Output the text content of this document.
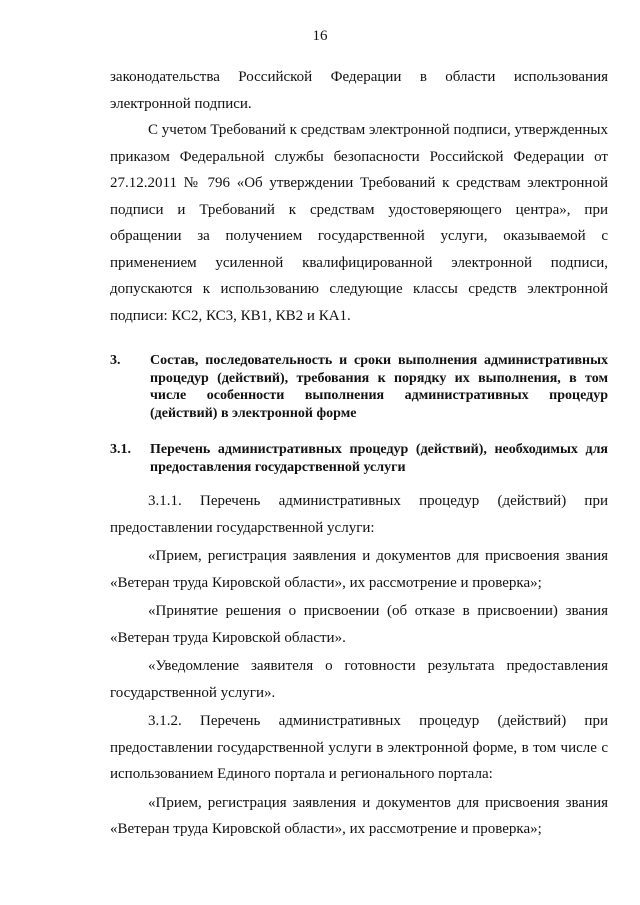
16

законодательства Российской Федерации в области использования электронной подписи.

С учетом Требований к средствам электронной подписи, утвержденных приказом Федеральной службы безопасности Российской Федерации от 27.12.2011 № 796 «Об утверждении Требований к средствам электронной подписи и Требований к средствам удостоверяющего центра», при обращении за получением государственной услуги, оказываемой с применением усиленной квалифицированной электронной подписи, допускаются к использованию следующие классы средств электронной подписи: КС2, КС3, КВ1, КВ2 и КА1.

3.	Состав, последовательность и сроки выполнения административных процедур (действий), требования к порядку их выполнения, в том числе особенности выполнения административных процедур (действий) в электронной форме
3.1.	Перечень административных процедур (действий), необходимых для предоставления государственной услуги

3.1.1. Перечень административных процедур (действий) при предоставлении государственной услуги:

«Прием, регистрация заявления и документов для присвоения звания «Ветеран труда Кировской области», их рассмотрение и проверка»;

«Принятие решения о присвоении (об отказе в присвоении) звания «Ветеран труда Кировской области».

«Уведомление заявителя о готовности результата предоставления государственной услуги».

3.1.2. Перечень административных процедур (действий) при предоставлении государственной услуги в электронной форме, в том числе с использованием Единого портала и регионального портала:

«Прием, регистрация заявления и документов для присвоения звания «Ветеран труда Кировской области», их рассмотрение и проверка»;
